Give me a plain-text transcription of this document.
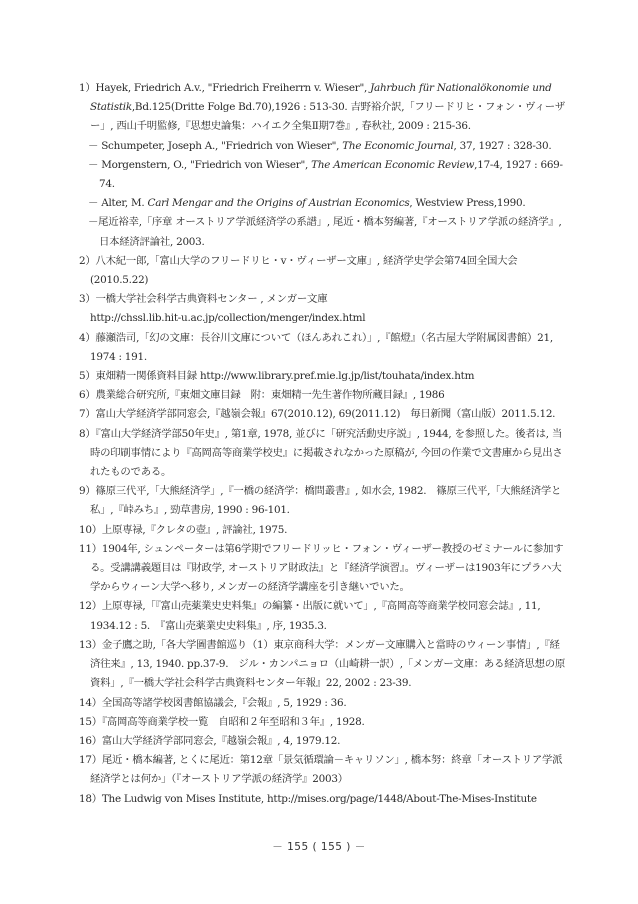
1）Hayek, Friedrich A.v., "Friedrich Freiherrn v. Wieser", Jahrbuch für Nationalökonomie und Statistik,Bd.125(Dritte Folge Bd.70),1926 : 513-30. 吉野裕介訳,「フリードリヒ・フォン・ヴィーザー」, 西山千明監修,『思想史論集：ハイエク全集Ⅱ期7巻』, 春秋社, 2009 : 215-36.

－ Schumpeter, Joseph A., "Friedrich von Wieser", The Economic Journal, 37, 1927 : 328-30.

－ Morgenstern, O., "Friedrich von Wieser", The American Economic Review,17-4, 1927 : 669-74.

－ Alter, M. Carl Mengar and the Origins of Austrian Economics, Westview Press,1990.

－尾近裕幸,「序章 オーストリア学派経済学の系譜」, 尾近・橋本努編著,『オーストリア学派の経済学』, 日本経済評論社, 2003.

2）八木紀一郎,「富山大学のフリードリヒ・v・ヴィーザー文庫」, 経済学史学会第74回全国大会(2010.5.22)

3）一橋大学社会科学古典資料センター , メンガー文庫

http://chssl.lib.hit-u.ac.jp/collection/menger/index.html

4）藤瀬浩司,「幻の文庫：長谷川文庫について（ほんあれこれ）」,『館燈』（名古屋大学附属図書館）21, 1974 : 191.

5）東畑精一関係資料目録 http://www.library.pref.mie.lg.jp/list/touhata/index.htm

6）農業総合研究所,『東畑文庫目録　附：東畑精一先生著作物所蔵目録』, 1986

7）富山大学経済学部同窓会,『越嶺会報』67(2010.12), 69(2011.12)　毎日新聞（富山版）2011.5.12.

8）『富山大学経済学部50年史』, 第1章, 1978, 並びに「研究活動史序説」, 1944, を参照した。後者は, 当時の印刷事情により『高岡高等商業学校史』に掲載されなかった原稿が, 今回の作業で文書庫から見出されたものである。

9）篠原三代平,「大熊経済学」,『一橋の経済学：橋問叢書』, 如水会, 1982.　篠原三代平,「大熊経済学と私」,『峠みち』, 勁草書房, 1990 : 96-101.

10）上原専禄,『クレタの壺』, 評論社, 1975.

11）1904年, シュンペーターは第6学期でフリードリッヒ・フォン・ヴィーザー教授のゼミナールに参加する。受講講義題目は『財政学, オーストリア財政法』と『経済学演習』。ヴィーザーは1903年にプラハ大学からウィーン大学へ移り, メンガーの経済学講座を引き継いでいた。

12）上原専禄,「『富山売薬業史史料集』の編纂・出版に就いて」,『高岡高等商業学校同窓会誌』, 11, 1934.12 : 5.　『富山売薬業史史料集』, 序, 1935.3.

13）金子鷹之助,「各大学圖書館巡り（1）東京商科大学：メンガー文庫購入と當時のウィーン事情」,『経済往来』, 13, 1940. pp.37-9.　ジル・カンパニョロ（山崎耕一訳）,「メンガー文庫：ある経済思想の原資料」,『一橋大学社会科学古典資料センター年報』22, 2002 : 23-39.

14）全国高等諸学校図書館協議会,『会報』, 5, 1929 : 36.

15）『高岡高等商業学校一覧　自昭和２年至昭和３年』, 1928.

16）富山大学経済学部同窓会,『越嶺会報』, 4, 1979.12.

17）尾近・橋本編著, とくに尾近：第12章「景気循環論－キャリソン」, 橋本努：終章「オーストリア学派経済学とは何か」（『オーストリア学派の経済学』2003）

18）The Ludwig von Mises Institute, http://mises.org/page/1448/About-The-Mises-Institute

－ 155 ( 155 ) －
